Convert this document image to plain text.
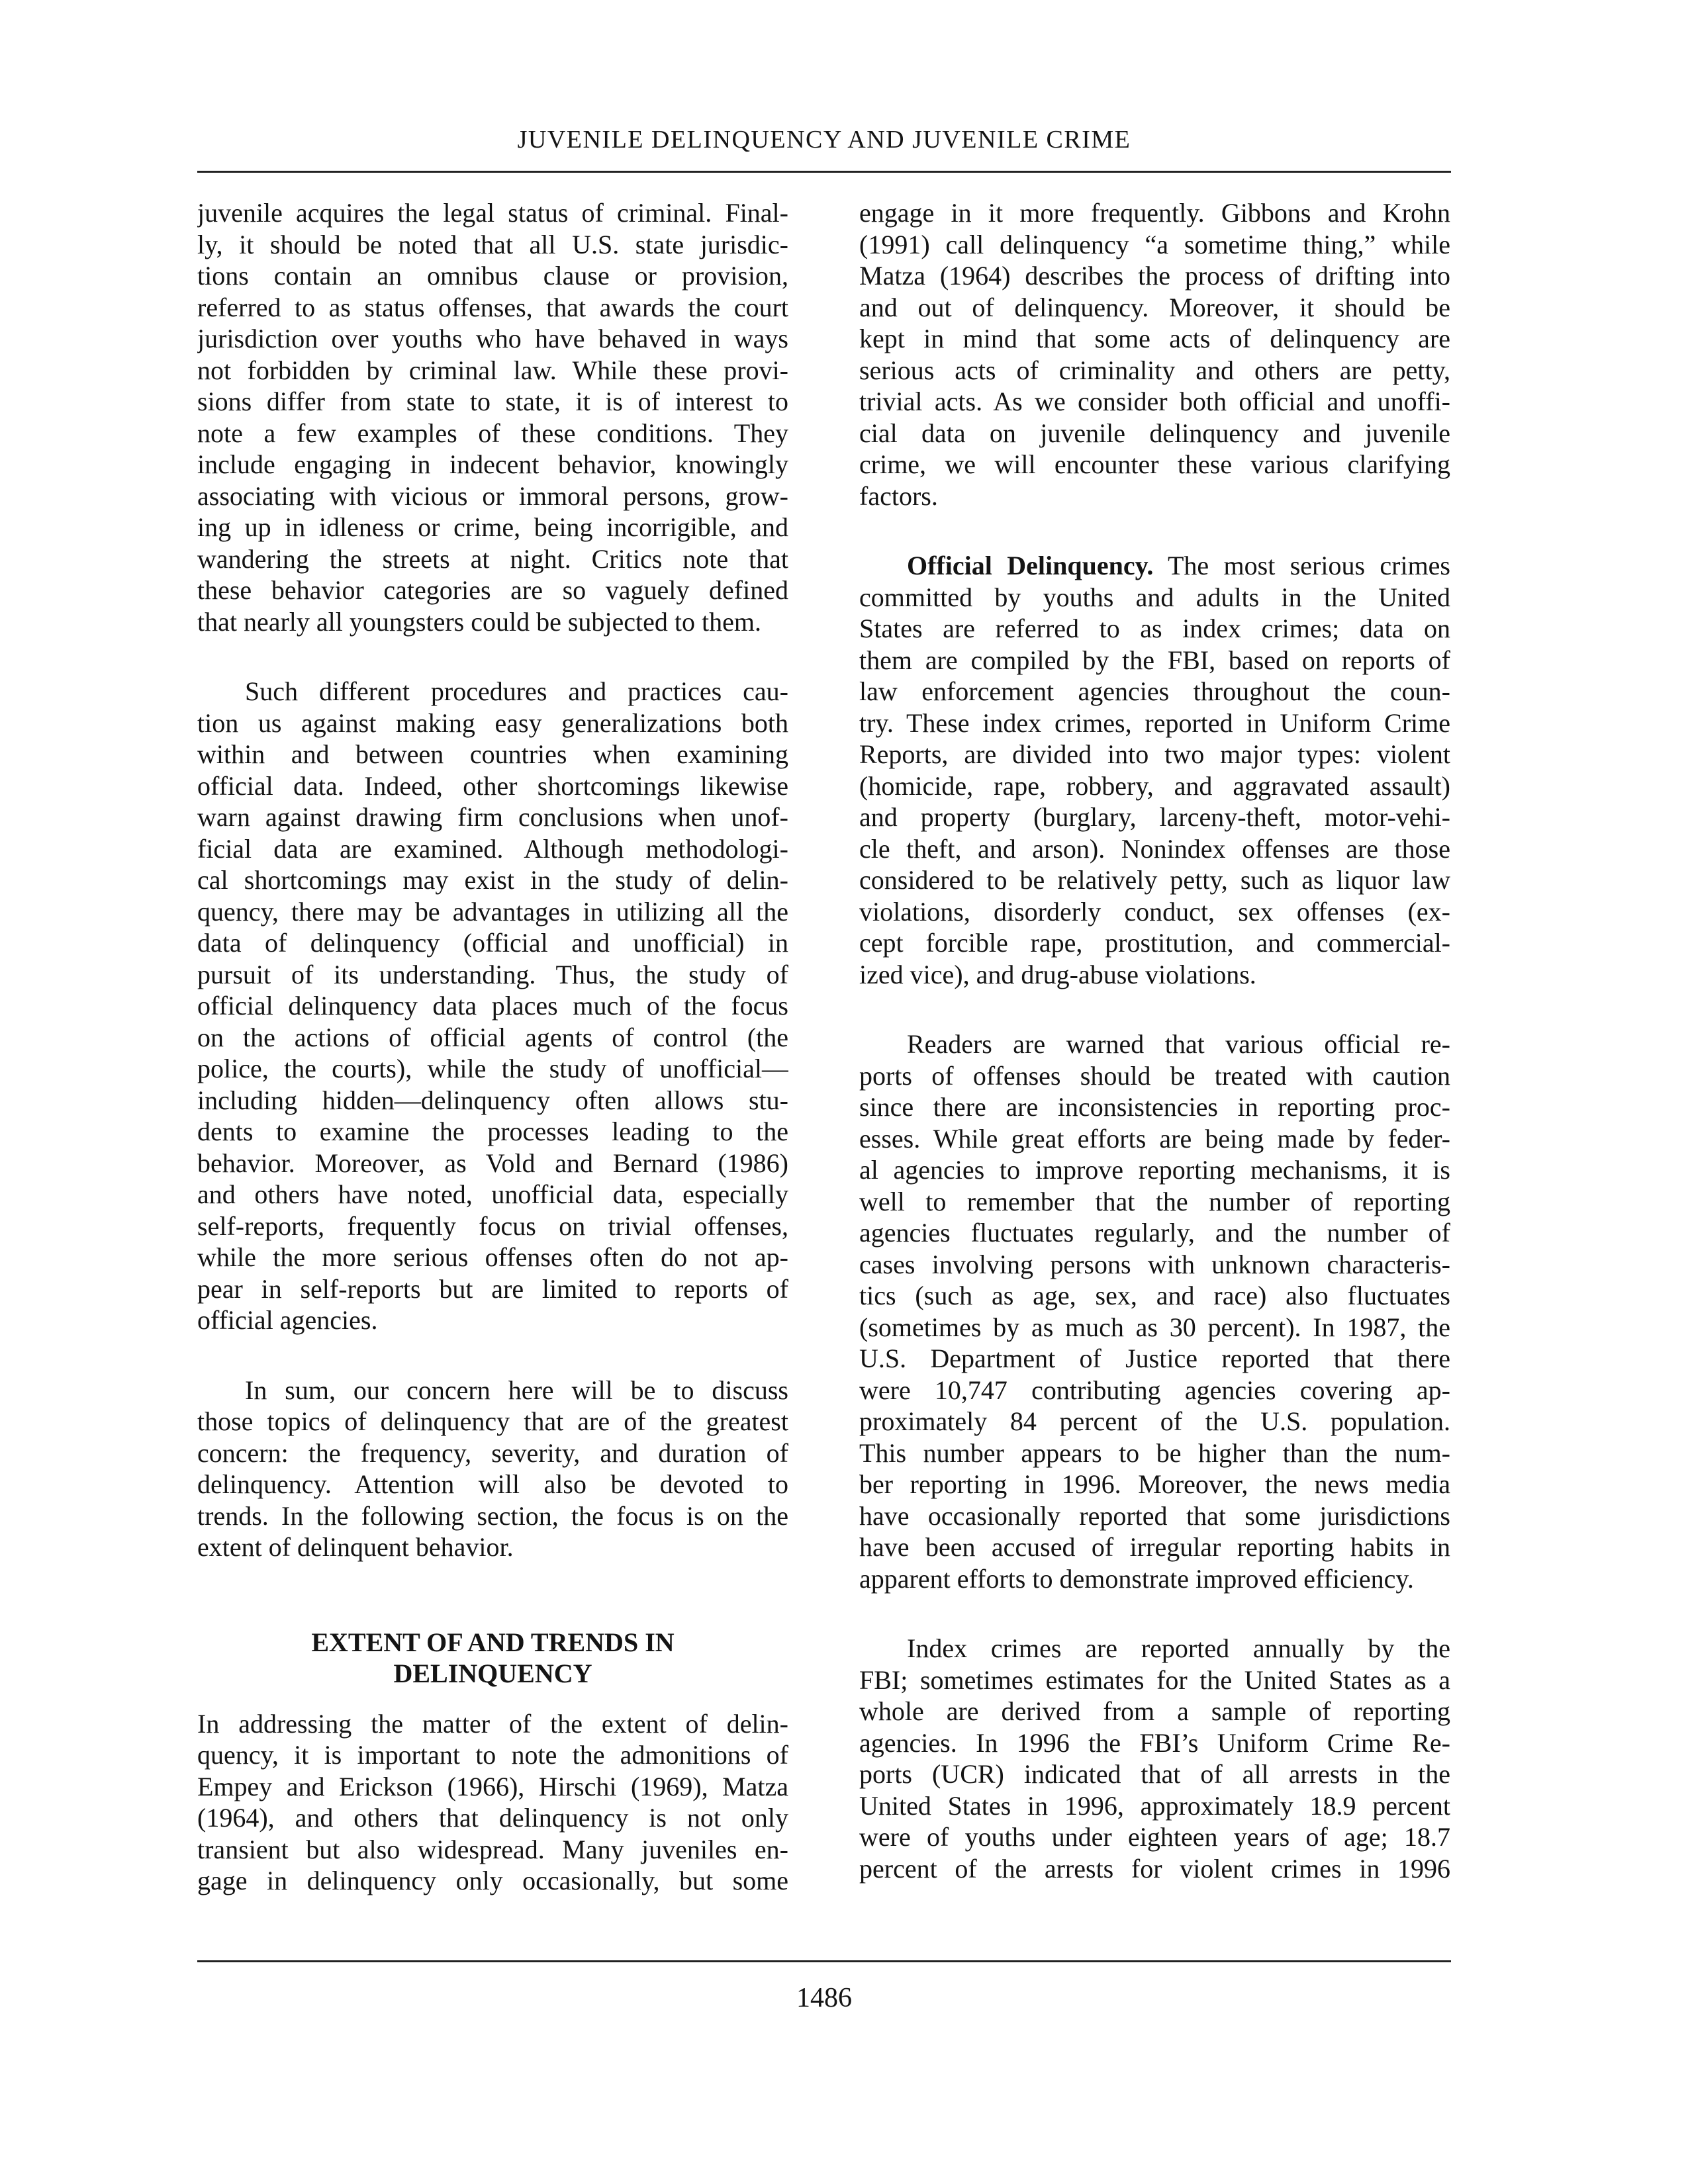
JUVENILE DELINQUENCY AND JUVENILE CRIME
juvenile acquires the legal status of criminal. Final-
ly, it should be noted that all U.S. state jurisdic-
tions contain an omnibus clause or provision,
referred to as status offenses, that awards the court
jurisdiction over youths who have behaved in ways
not forbidden by criminal law. While these provi-
sions differ from state to state, it is of interest to
note a few examples of these conditions. They
include engaging in indecent behavior, knowingly
associating with vicious or immoral persons, grow-
ing up in idleness or crime, being incorrigible, and
wandering the streets at night. Critics note that
these behavior categories are so vaguely defined
that nearly all youngsters could be subjected to them.
Such different procedures and practices cau-
tion us against making easy generalizations both
within and between countries when examining
official data. Indeed, other shortcomings likewise
warn against drawing firm conclusions when unof-
ficial data are examined. Although methodologi-
cal shortcomings may exist in the study of delin-
quency, there may be advantages in utilizing all the
data of delinquency (official and unofficial) in
pursuit of its understanding. Thus, the study of
official delinquency data places much of the focus
on the actions of official agents of control (the
police, the courts), while the study of unofficial—
including hidden—delinquency often allows stu-
dents to examine the processes leading to the
behavior. Moreover, as Vold and Bernard (1986)
and others have noted, unofficial data, especially
self-reports, frequently focus on trivial offenses,
while the more serious offenses often do not ap-
pear in self-reports but are limited to reports of
official agencies.
In sum, our concern here will be to discuss
those topics of delinquency that are of the greatest
concern: the frequency, severity, and duration of
delinquency. Attention will also be devoted to
trends. In the following section, the focus is on the
extent of delinquent behavior.
EXTENT OF AND TRENDS IN
DELINQUENCY
In addressing the matter of the extent of delin-
quency, it is important to note the admonitions of
Empey and Erickson (1966), Hirschi (1969), Matza
(1964), and others that delinquency is not only
transient but also widespread. Many juveniles en-
gage in delinquency only occasionally, but some
engage in it more frequently. Gibbons and Krohn
(1991) call delinquency “a sometime thing,” while
Matza (1964) describes the process of drifting into
and out of delinquency. Moreover, it should be
kept in mind that some acts of delinquency are
serious acts of criminality and others are petty,
trivial acts. As we consider both official and unoffi-
cial data on juvenile delinquency and juvenile
crime, we will encounter these various clarifying
factors.
Official Delinquency. The most serious crimes
committed by youths and adults in the United
States are referred to as index crimes; data on
them are compiled by the FBI, based on reports of
law enforcement agencies throughout the coun-
try. These index crimes, reported in Uniform Crime
Reports, are divided into two major types: violent
(homicide, rape, robbery, and aggravated assault)
and property (burglary, larceny-theft, motor-vehi-
cle theft, and arson). Nonindex offenses are those
considered to be relatively petty, such as liquor law
violations, disorderly conduct, sex offenses (ex-
cept forcible rape, prostitution, and commercial-
ized vice), and drug-abuse violations.
Readers are warned that various official re-
ports of offenses should be treated with caution
since there are inconsistencies in reporting proc-
esses. While great efforts are being made by feder-
al agencies to improve reporting mechanisms, it is
well to remember that the number of reporting
agencies fluctuates regularly, and the number of
cases involving persons with unknown characteris-
tics (such as age, sex, and race) also fluctuates
(sometimes by as much as 30 percent). In 1987, the
U.S. Department of Justice reported that there
were 10,747 contributing agencies covering ap-
proximately 84 percent of the U.S. population.
This number appears to be higher than the num-
ber reporting in 1996. Moreover, the news media
have occasionally reported that some jurisdictions
have been accused of irregular reporting habits in
apparent efforts to demonstrate improved efficiency.
Index crimes are reported annually by the
FBI; sometimes estimates for the United States as a
whole are derived from a sample of reporting
agencies. In 1996 the FBI’s Uniform Crime Re-
ports (UCR) indicated that of all arrests in the
United States in 1996, approximately 18.9 percent
were of youths under eighteen years of age; 18.7
percent of the arrests for violent crimes in 1996
1486
